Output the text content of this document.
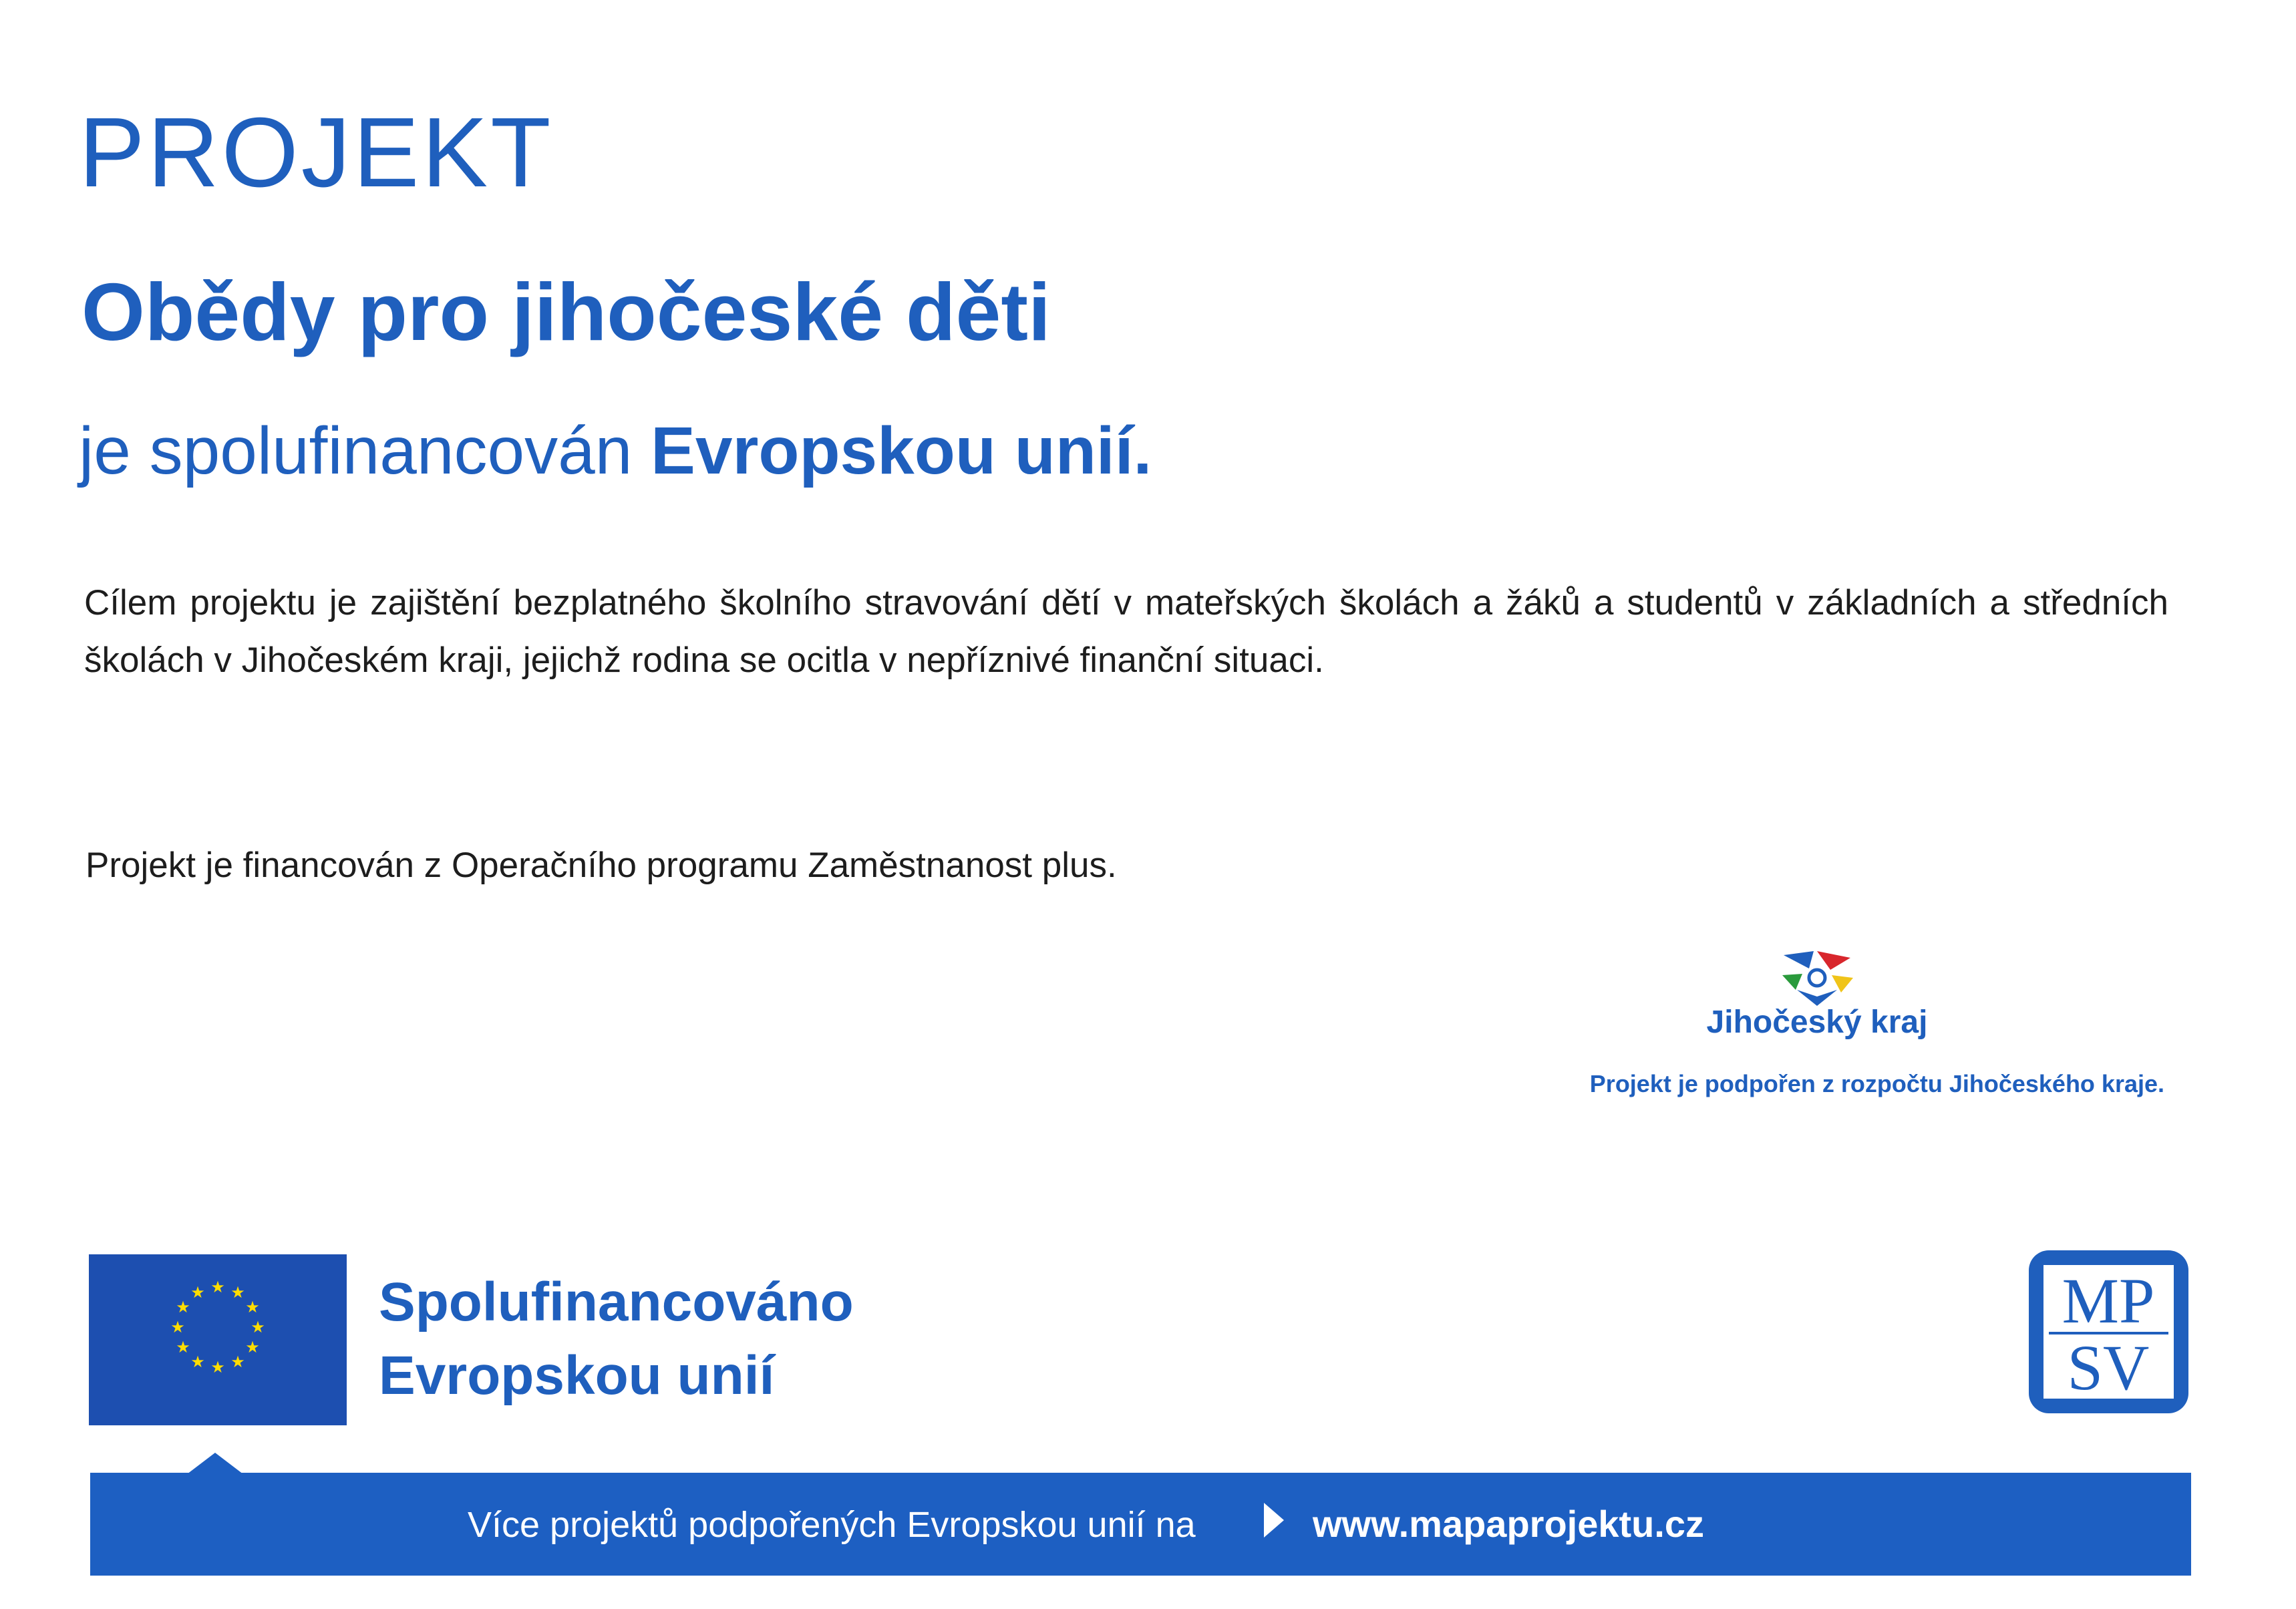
PROJEKT
Obědy pro jihočeské děti
je spolufinancován Evropskou unií.

Cílem projektu je zajištění bezplatného školního stravování dětí v mateřských školách a žáků a studentů v základních a středních školách v Jihočeském kraji, jejichž rodina se ocitla v nepříznivé finanční situaci.

Projekt je financován z Operačního programu Zaměstnanost plus.

Jihočeský kraj
Projekt je podpořen z rozpočtu Jihočeského kraje.
★ ★
★
★
★
★
★
★
★
★
★
★	Spolufinancováno
Evropskou unií
MP
SV
Více projektů podpořených Evropskou unií na	www.mapaprojektu.cz
